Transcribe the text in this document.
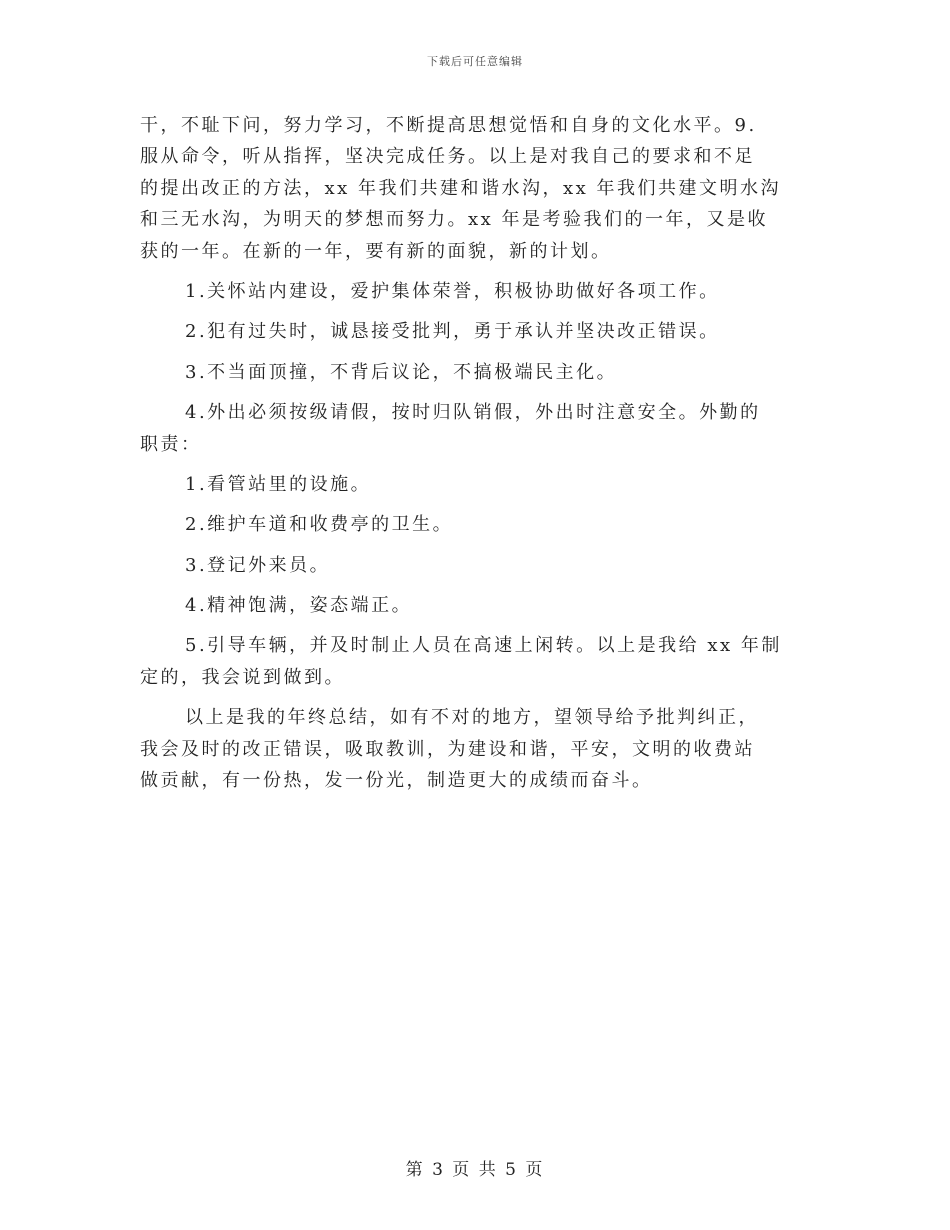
下载后可任意编辑
干，不耻下问，努力学习，不断提高思想觉悟和自身的文化水平。9.
服从命令，听从指挥，坚决完成任务。以上是对我自己的要求和不足
的提出改正的方法，xx 年我们共建和谐水沟，xx 年我们共建文明水沟
和三无水沟，为明天的梦想而努力。xx 年是考验我们的一年，又是收
获的一年。在新的一年，要有新的面貌，新的计划。
1.关怀站内建设，爱护集体荣誉，积极协助做好各项工作。
2.犯有过失时，诚恳接受批判，勇于承认并坚决改正错误。
3.不当面顶撞，不背后议论，不搞极端民主化。
4.外出必须按级请假，按时归队销假，外出时注意安全。外勤的
职责：
1.看管站里的设施。
2.维护车道和收费亭的卫生。
3.登记外来员。
4.精神饱满，姿态端正。
5.引导车辆，并及时制止人员在高速上闲转。以上是我给 xx 年制
定的，我会说到做到。
以上是我的年终总结，如有不对的地方，望领导给予批判纠正，
我会及时的改正错误，吸取教训，为建设和谐，平安，文明的收费站
做贡献，有一份热，发一份光，制造更大的成绩而奋斗。
第 3 页 共 5 页
